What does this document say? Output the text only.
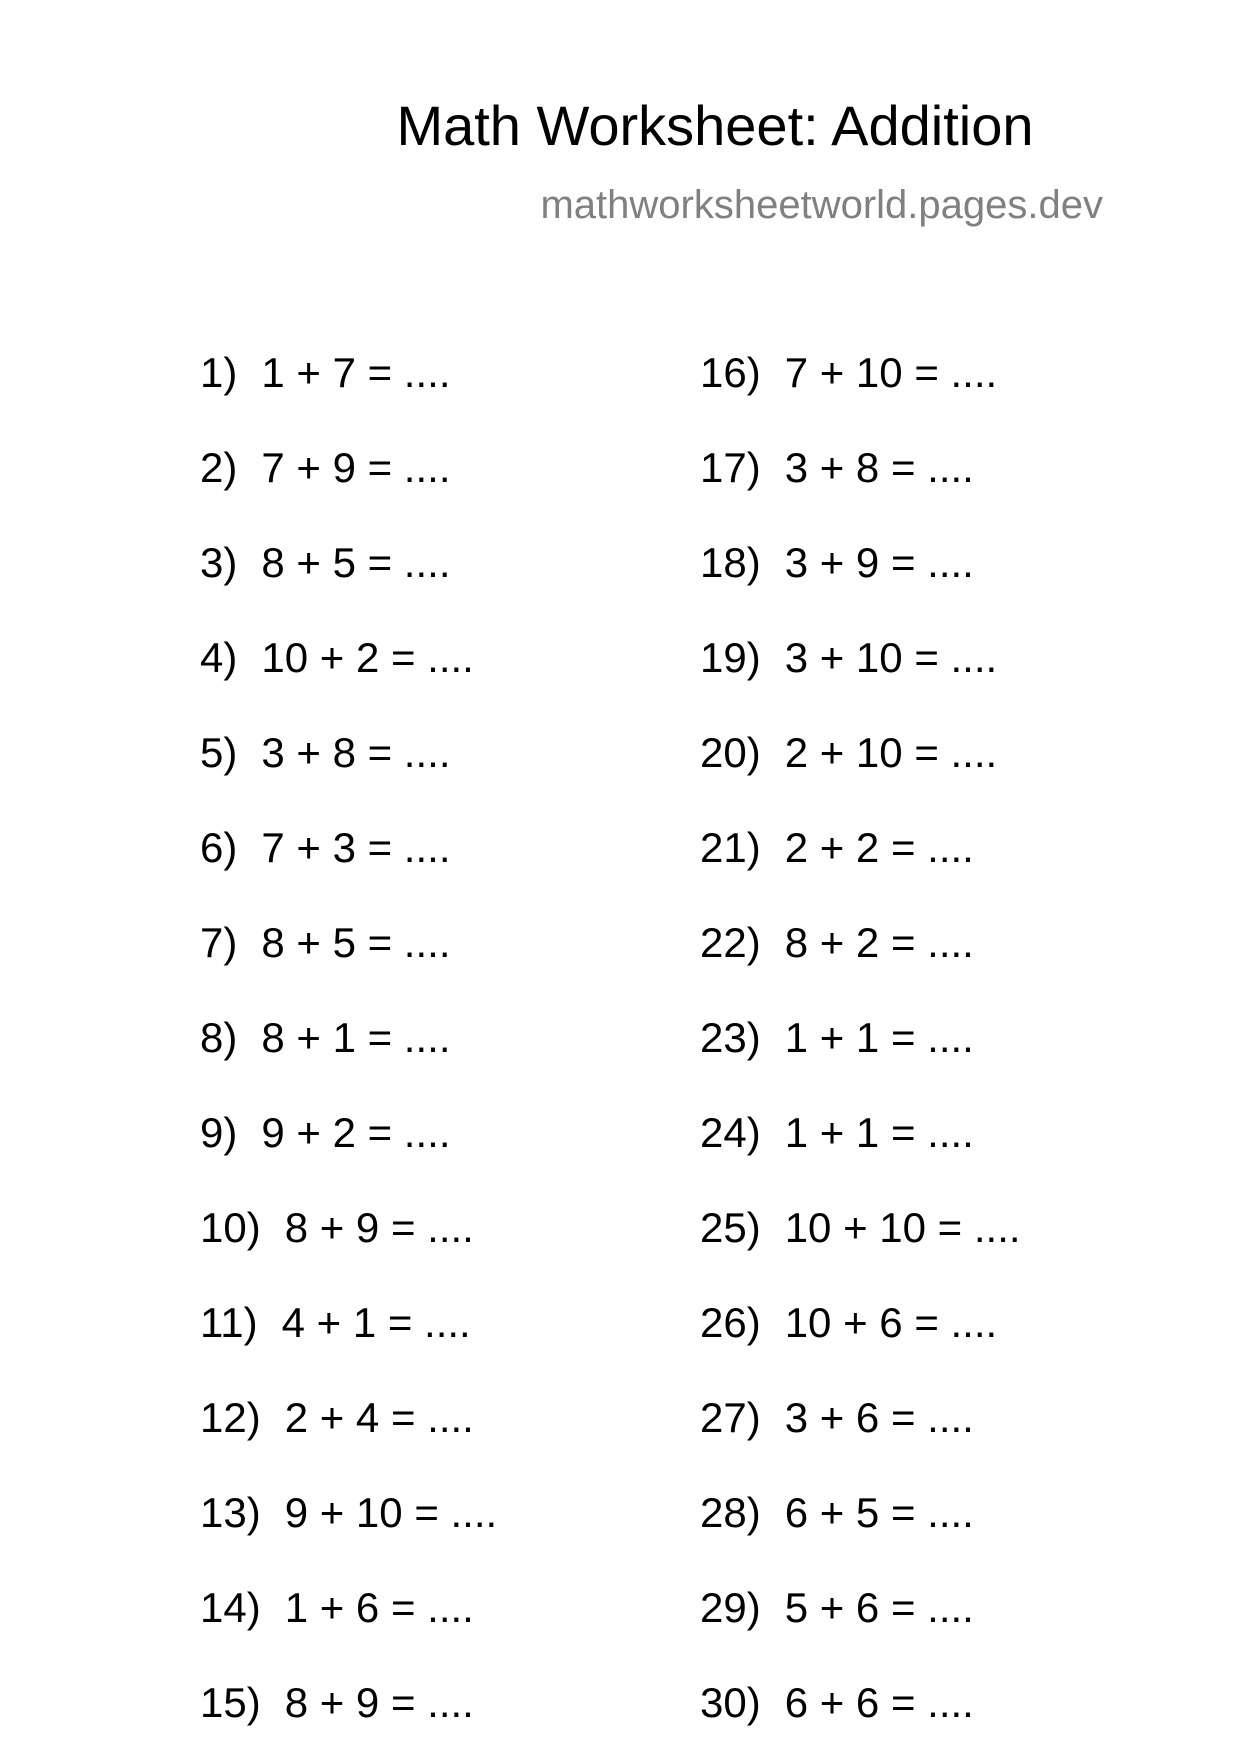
Math Worksheet: Addition
mathworksheetworld.pages.dev
1) 1 + 7 = ....
2) 7 + 9 = ....
3) 8 + 5 = ....
4) 10 + 2 = ....
5) 3 + 8 = ....
6) 7 + 3 = ....
7) 8 + 5 = ....
8) 8 + 1 = ....
9) 9 + 2 = ....
10) 8 + 9 = ....
11) 4 + 1 = ....
12) 2 + 4 = ....
13) 9 + 10 = ....
14) 1 + 6 = ....
15) 8 + 9 = ....
16) 7 + 10 = ....
17) 3 + 8 = ....
18) 3 + 9 = ....
19) 3 + 10 = ....
20) 2 + 10 = ....
21) 2 + 2 = ....
22) 8 + 2 = ....
23) 1 + 1 = ....
24) 1 + 1 = ....
25) 10 + 10 = ....
26) 10 + 6 = ....
27) 3 + 6 = ....
28) 6 + 5 = ....
29) 5 + 6 = ....
30) 6 + 6 = ....
